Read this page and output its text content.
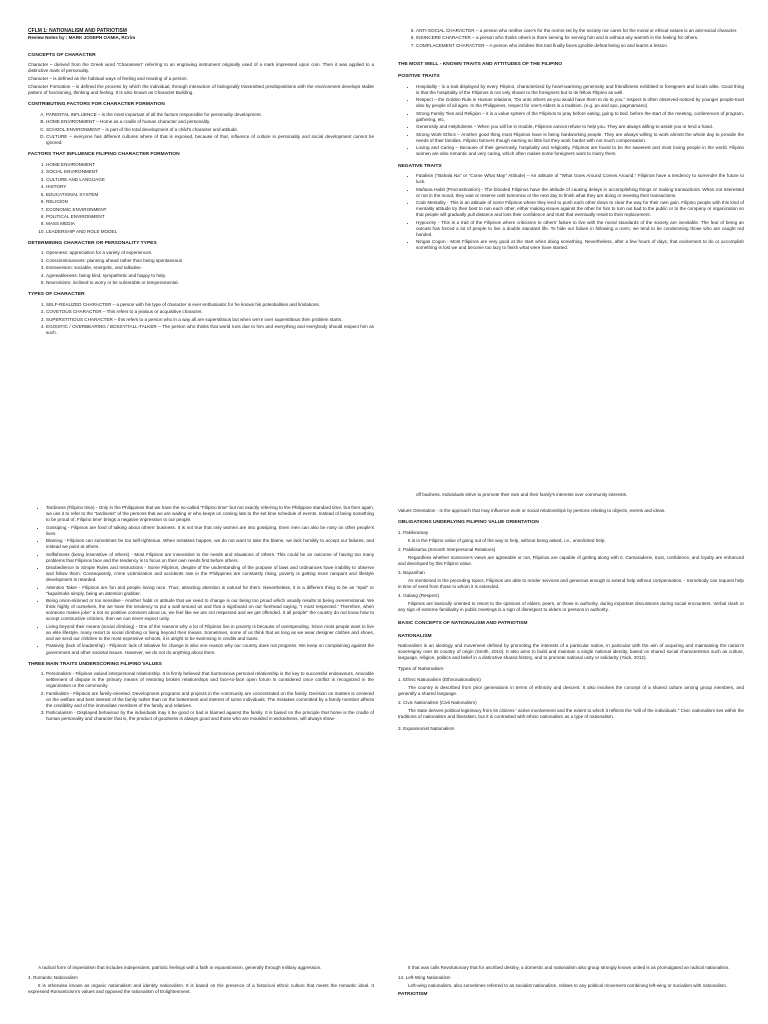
CFLM 1: NATIONALISM AND PATRIOTISM
Review Notes by : MARK JOSEPH OAMIA, RCrim
CONCEPTS OF CHARACTER
Character – derived from the Greek word "Charassein" referring to an engraving instrument originally used of a mark impressed upon coin. Then it was applied to a distinctive mark of personality.
Character – is defined as the habitual ways of feeling and reacting of a person.
Character Formation – is defined the process by which the individual, through interaction of biologically transmitted predispositions with the environment develops stable pattern of functioning, thinking and feeling. It is also known as Character Building.
CONTRIBUTING FACTORS FOR CHARACTER FORMATION
A. PARENTAL INFLUENCE – is the most important of all the factors responsible for personality development.
B. HOME ENVIRONMENT – Home as a cradle of human character and personality.
C. SCHOOL ENVIRONMENT – is part of the total development of a child's character and attitude.
D. CULTURE – everyone has different cultures where of that is exposed, because of that, influence of culture in personality and social development cannot be ignored.
FACTORS THAT INFLUENCE FILIPINO CHARACTER FORMATION
1. HOME ENVIRONMENT
2. SOCIAL ENVIRONMENT
3. CULTURE AND LANGUAGE
4. HISTORY
5. EDUCATIONAL SYSTEM
6. RELIGION
7. ECONOMIC ENVIRONMENT
8. POLITICAL ENVIRONMENT
9. MASS MEDIA
10. LEADERSHIP AND ROLE MODEL
DETERMINING CHARACTER OR PERSONALITY TYPES
1. Openness: appreciation for a variety of experiences.
2. Conscientiousness: planning ahead rather than being spontaneous
3. Extraversion: sociable, energetic, and talkative.
4. Agreeableness: being kind, sympathetic and happy to help.
5. Neuroticism: inclined to worry or be vulnerable or temperamental.
TYPES OF CHARACTER
1. SELF-REALIZED CHARACTER – a person with his type of character is ever enthusiastic for he knows his potentialities and limitations.
2. COVETOUS CHARACTER – This refers to a jealous or acquisitive character.
3. SUPERSTITIOUS CHARACTER – this refers to a person who in a way all are superstitious but when we're over superstitious then problem starts.
4. EGOISTIC / OVERBEARING / BOSSY/TALL-TALKER – The person who thinks that world runs due to him and everything and everybody should respect him as such.
5. ANTI-SOCIAL CHARACTER – a person who neither care's for the norms set by the society nor cares for the moral or ethical values is an anti-social character.
6. INSINCERE CHARACTER – a person who thinks others is there serving for serving him and is without any warmth in the feeling for others.
7. COMPLACEMENT CHARACTER – A person who imbibes this trait finally faces ignoble defeat being so and learns a lesson.
THE MOST WELL - KNOWN TRAITS AND ATTITUDES OF THE FILIPINO
POSITIVE TRAITS
• Hospitality - is a trait displayed by every Filipino, characterized by heart-warming generosity and friendliness exhibited to foreigners and locals alike. Good thing is that the hospitality of the Filipinos is not only shown to the foreigners but to its fellow Filipino as well.
• Respect – the Golden Rule in Human relations, "Do unto others as you would have them to do to you," respect is often observed-noticed by younger people-trust also by people of all ages. In the Philippines, respect for one's elders is a tradition. (e.g. po and opo, pagmamano)
• Strong Family Ties and Religion – it is a value system of the Filipinos to pray before eating, going to bed, before the start of the meeting, conferences of program, gathering, etc.
• Generosity and Helpfulness – When you will be in trouble, Filipinos cannot refuse to help you. They are always willing to assist you or lend a hand.
• Strong Work Ethics – Another good thing most Filipinos have is being hardworking people. They are always willing to work almost the whole day to provide the needs of their families. Filipino farmers though earning so little but they work harder with not much compensation.
• Loving and Caring – Because of their generosity, hospitality and religiosity, Filipinos are found to be the sweetest and most loving people in the world. Filipino women are also romantic and very caring, which often makes some foreigners want to marry them.
NEGATIVE TRAITS
• Fatalism ("Bahala Na" or "Come What May" Attitude) – An attitude of "What Goes Around Comes Around." Filipinos have a tendency to surrender the future to luck.
• Mañana Habit (Procrastination) - The blooded Filipinos have the attitude of causing delays in accomplishing things or making transactions. When not interested or not in the mood, they wait or reserve until tomorrow or the next day to finish what they are doing or meeting their transactions.
• Crab Mentality - This is an attitude of some Filipinos where they lend to push each other down to clear the way for their own gain. Filipino people with this kind of mentality attitude try their best to ruin each other, either making issues against the other for him to turn out bad to the public or to the company or organization so that people will gradually pull distance and loss their confidence and trust that eventually result to their replacement.
• Hypocrisy - This is a trait of the Filipinos where criticisms to others' failure to live with the moral standards of the society are inevitable. The fear of being an outcast has forced a lot of people to live a double standard life. To hide our failure in following a norm, we tend to be condemning those who are caught red handed.
• Ningas Cogon - Most Filipinos are very good at the start when doing something. Nevertheless, after a few hours of days, that excitement to do or accomplish something is lost we and become too lazy to finish what were have started.
• Tardiness (Filipino time) - Only in the Philippines that we have the so-called "Filipino time" but not exactly referring to the Philippine standard time, but then again, we use it to refer to the "tardiness" of the persons that we are waiting or who keeps on coming late to the set time schedule of events. Instead of being something to be proud of, Filipino time' brings a negative impression to our people.
• Gossiping - Filipinos are fond of talking about others' business. It is not true that only women are into gossiping. Even men can also be nosy on other people's lives.
• Blaming - Filipinos can sometimes be too self-righteous. When mistakes happen, we do not want to take the blame, we lack humility to accept our failures, and instead we point at others.
• Selfishness (being insensitive of others) - Most Filipinos are insensitive to the needs and situations of others. This could be an outcome of having too many problems that Filipinos face and the tendency is to focus on their own needs first before others.
• Disobedience to Simple Rules and Instructions - Some Filipinos, despite of the understanding of the purpose of laws and ordinances have inability to observe and follow them. Consequently, crime victimization and accidents rate in the Philippines are constantly rising, poverty is getting more rampant and lifestyle development is retarded.
• Attention Taker - Filipinos are fun and people loving race. Thus, attracting attention is natural for them. Nevertheless, it is a different thing to be an "epal" or "kapalmuks simply, being an attention grabber.
• Being onion-skinned or too sensitive - Another habit or attitude that we need to change is our being too proud which usually results to being overemotional. We think highly of ourselves, the we have the tendency to put a wall around us and that a signboard on our forehead saying, "I must respected." Therefore, when someone makes joke" a not so positive comment about us, we feel like we are not respected and we get offended. It all people" the country do not know how to accept constructive criticism, then we can never expect unity.
• Living beyond their means (social climbing) - One of the reasons why a lot of Filipinos live in poverty is because of overspending. Since most people want to live an elite lifestyle, many resort to social climbing or living beyond their means. Sometimes, some of us think that as long as we wear designer clothes and shoes, and we send our children to the most expensive schools, it is alright to be swimming in credits and loans.
• Passivity (lack of leadership) - Filipinos' lack of initiative for change is also one reason why our country does not progress. We keep on complaining against the government and other societal issues. However, we do not do anything about them.
THREE MAIN TRAITS UNDERSCORING FILIPINO VALUES
1. Personalism - Filipinos valued interpersonal relationship. It is firmly believed that harmonious personal relationship is the key to successful endeavours. Amicable settlement of dispute is the primary means of restoring broken relationships and face-to-face open forum is considered once conflict is recognized in the organization or the community.
2. Familialism - Filipinos are family-oriented. Development programs and projects in the community are concentrated on the family. Decision on matters is centered on the welfare and best interest of the family rather than on the betterment and interest of some individuals. The mistakes committed by a family member affects the credibility and of the immediate members of the family and relatives.
3. Particularism - Displayed behaviour by the individuals may it be good or bad is blamed against the family. It is based on the principle that home is the cradle of human personality and character that is, the product of goodness is always good and those who are moulded in wickedness, will always show-
off badness. Individuals strive to promote their own and their family's interests over community interests.
Values Orientation - is the approach that may influence work or social relationships by persons relating to objects, events and ideas.
OBLIGATIONS UNDERLYING FILIPINO VALUE ORIENTATION
1. Pakikiramay
It is in the Filipino value of going out of the way to help, without being asked, i.e., unsolicited help.
2. Pakikisama (Smooth Interpersonal Relations)
Regardless whether someone's views are agreeable or not, Filipinos are capable of getting along with it. Camaraderie, trust, confidence, and loyalty are enhanced and developed by this Filipino value.
3. Bayanihan
As mentioned in the preceding topics, Filipinos are able to render services and generous enough to extend help without compensation. - Somebody can request help in time of need from those to whom it is extended.
4. Galang (Respect)
Filipinos are basically oriented to resort to the opinions of elders, peers, or those in authority, during important discussions during social encounters. Verbal clash or any sign of extreme familiarity in public meetings is a sign of disrespect to elders or persons in authority.
BASIC CONCEPTS OF NATIONALISM AND PATRIOTISM
NATIONALISM
Nationalism is an ideology and movement defined by promoting the interests of a particular nation, in particular with the aim of acquiring and maintaining the nation's sovereignty over its country of origin (Smith, 2010). It also aims to build and maintain a single national identity, based on shared social characteristics such as culture, language, religion, politics and belief in a distinctive shared history, and to promote national unity or solidarity (Yack, 2012).
Types of Nationalism
1. Ethnic Nationalism (Ethnonationalism)
The country is described from prior generations in terms of ethnicity and descent. It also involves the concept of a shared culture among group members, and generally a shared language.
2. Civic Nationalism (Civil Nationalism)
The state derives political legitimacy from its citizens ' active involvement and the extent to which it reflects the "will of the individuals." Civic nationalism lies within the traditions of nationalism and liberalism, but it is contrasted with ethnic nationalism as a type of nationalism.
3. Expansionist Nationalism
A radical form of imperialism that includes independent, patriotic feelings with a faith in expansionism, generally through military aggression.
4. Romantic Nationalism
It is otherwise known as organic nationalism and identity nationalism. It is based on the presence of a historical ethnic culture that meets the romantic ideal. It expressed Romanticism's values and opposed the rationalism of Enlightenment.
It that was calls Revolutionary that for ascribed destiny, a domestic and nationalism also group strongly known united is as promulgated an radical nationalism.
14. Left-Wing Nationalism
Left-wing nationalism, also sometimes referred to as socialist nationalism, relates to any political movement combining left-wing or socialism with nationalism.
PATRIOTISM
